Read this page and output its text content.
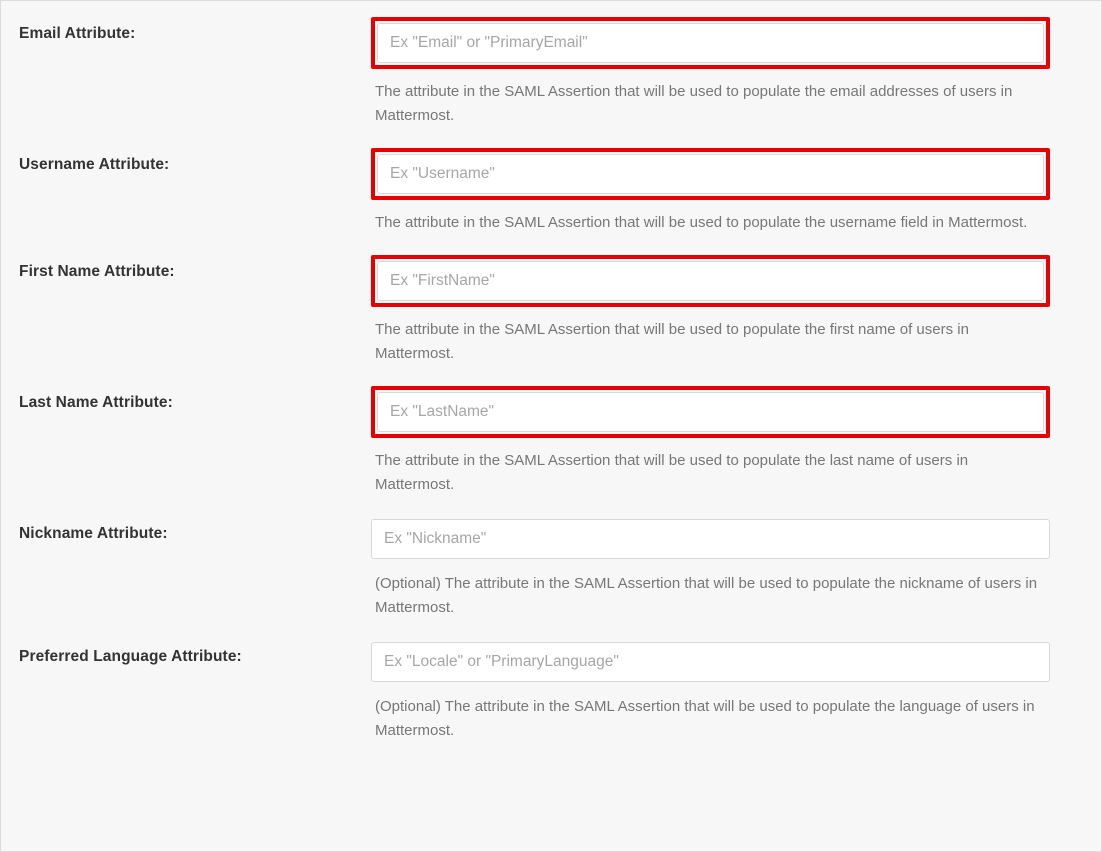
Email Attribute:
Ex "Email" or "PrimaryEmail"
The attribute in the SAML Assertion that will be used to populate the email addresses of users in Mattermost.
Username Attribute:
Ex "Username"
The attribute in the SAML Assertion that will be used to populate the username field in Mattermost.
First Name Attribute:
Ex "FirstName"
The attribute in the SAML Assertion that will be used to populate the first name of users in Mattermost.
Last Name Attribute:
Ex "LastName"
The attribute in the SAML Assertion that will be used to populate the last name of users in Mattermost.
Nickname Attribute:
Ex "Nickname"
(Optional) The attribute in the SAML Assertion that will be used to populate the nickname of users in Mattermost.
Preferred Language Attribute:
Ex "Locale" or "PrimaryLanguage"
(Optional) The attribute in the SAML Assertion that will be used to populate the language of users in Mattermost.
